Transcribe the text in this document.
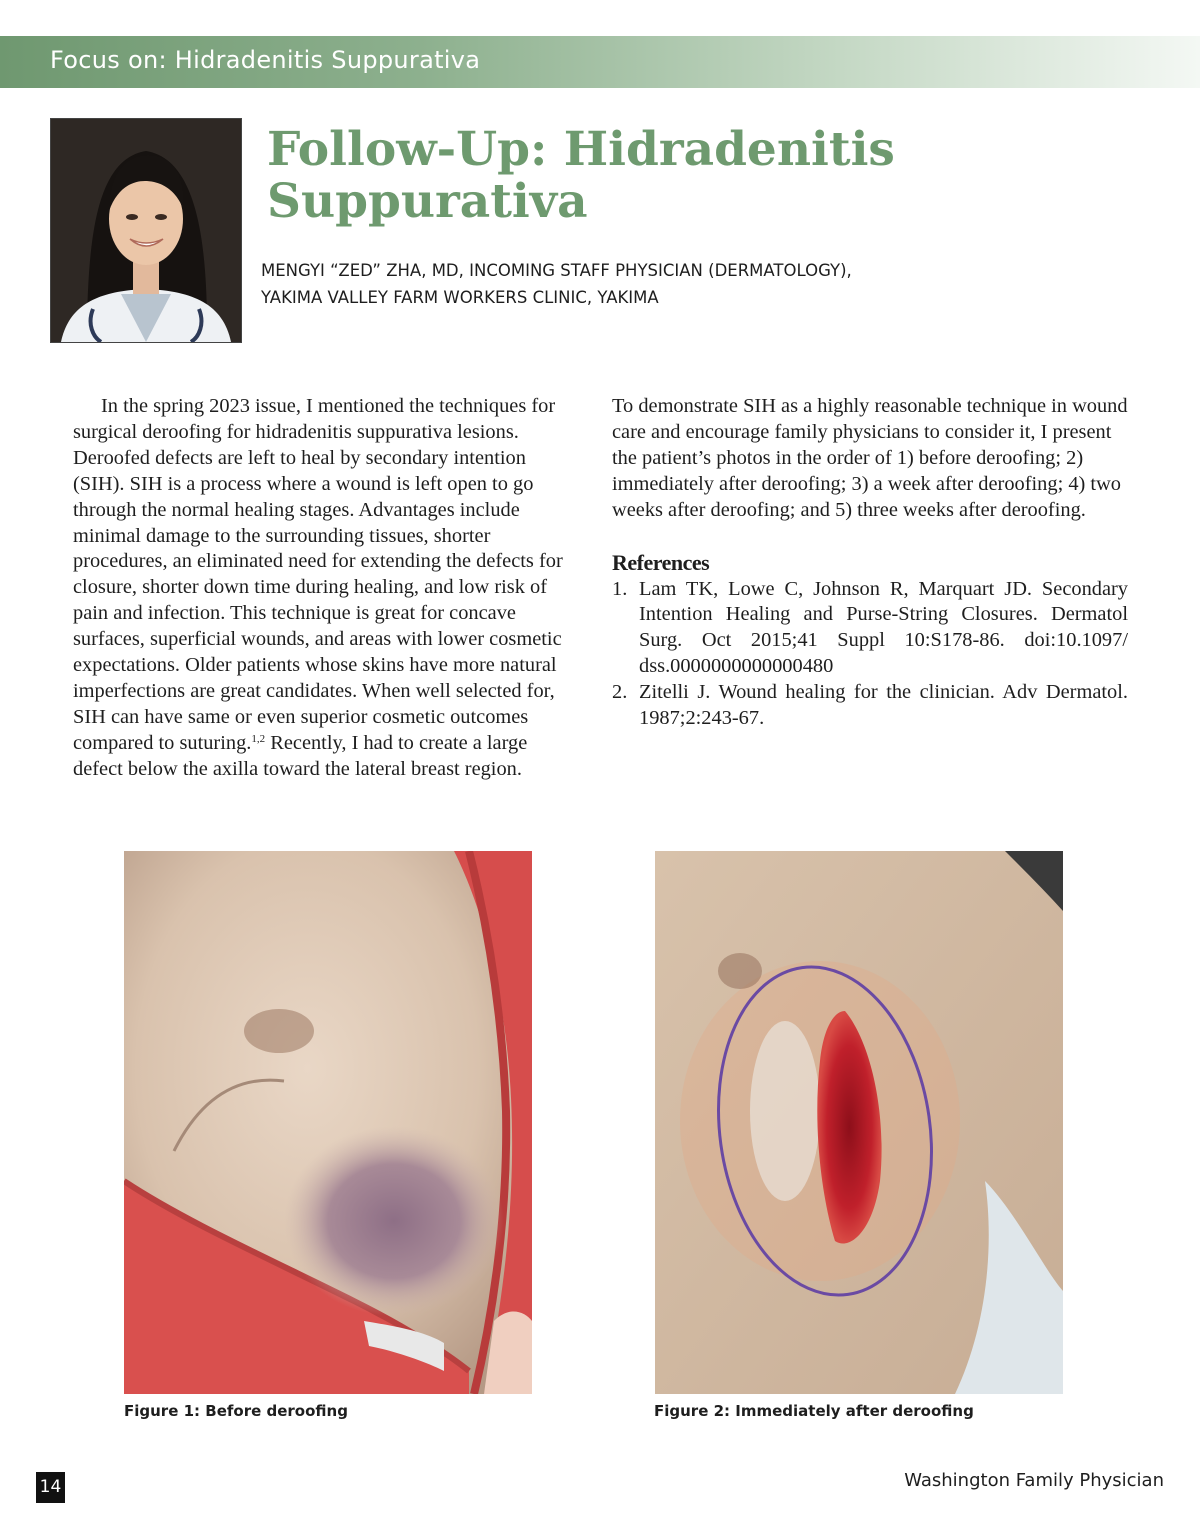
Focus on: Hidradenitis Suppurativa
Follow-Up: Hidradenitis
Suppurativa
MENGYI “ZED” ZHA, MD, INCOMING STAFF PHYSICIAN (DERMATOLOGY),
YAKIMA VALLEY FARM WORKERS CLINIC, YAKIMA

In the spring 2023 issue, I mentioned the techniques for surgical deroofing for hidradenitis suppurativa lesions. Deroofed defects are left to heal by secondary intention (SIH). SIH is a process where a wound is left open to go through the normal healing stages. Advantages include minimal damage to the surrounding tissues, shorter procedures, an eliminated need for extending the defects for closure, shorter down time during healing, and low risk of pain and infection. This technique is great for concave surfaces, superficial wounds, and areas with lower cosmetic expectations. Older patients whose skins have more natural imperfections are great candidates. When well selected for, SIH can have same or even superior cosmetic outcomes compared to suturing.$^{1,2}$ Recently, I had to create a large defect below the axilla toward the lateral breast region.

To demonstrate SIH as a highly reasonable technique in wound care and encourage family physicians to consider it, I present the patient’s photos in the order of 1) before deroofing; 2) immediately after deroofing; 3) a week after deroofing; 4) two weeks after deroofing; and 5) three weeks after deroofing.

References
1. Lam TK, Lowe C, Johnson R, Marquart JD. Secondary Intention Healing and Purse-String Closures. Dermatol Surg. Oct 2015;41 Suppl 10:S178-86. doi:10.1097/ dss.0000000000000480
2. Zitelli J. Wound healing for the clinician. Adv Dermatol. 1987;2:243-67.
Figure 1: Before deroofing	Figure 2: Immediately after deroofing
14	Washington Family Physician
